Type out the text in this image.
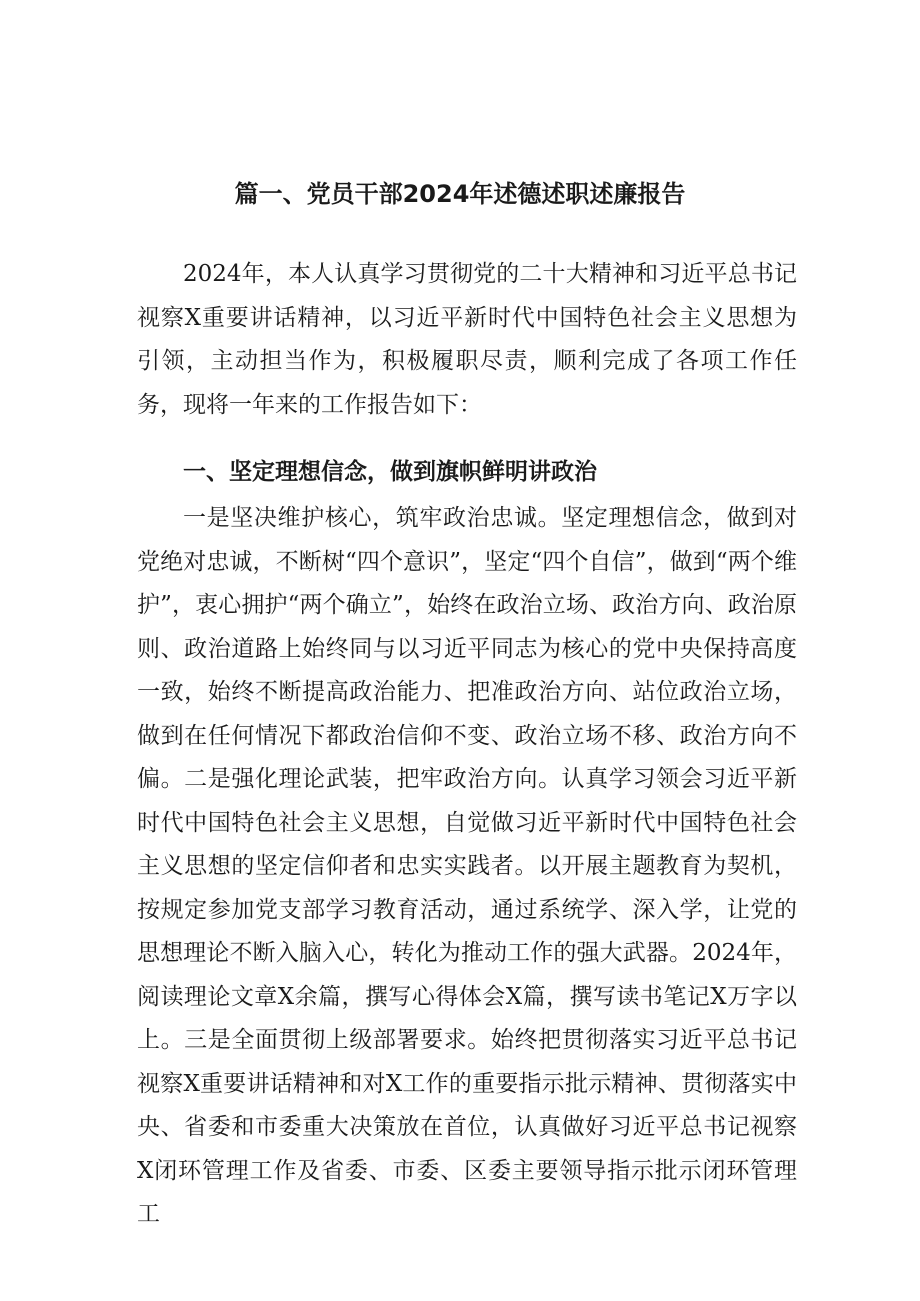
篇一、党员干部2024年述德述职述廉报告

2024年，本人认真学习贯彻党的二十大精神和习近平总书记视察X重要讲话精神，以习近平新时代中国特色社会主义思想为引领，主动担当作为，积极履职尽责，顺利完成了各项工作任务，现将一年来的工作报告如下：

一、坚定理想信念，做到旗帜鲜明讲政治

一是坚决维护核心，筑牢政治忠诚。坚定理想信念，做到对党绝对忠诚，不断树“四个意识”，坚定“四个自信”，做到“两个维护”，衷心拥护“两个确立”，始终在政治立场、政治方向、政治原则、政治道路上始终同与以习近平同志为核心的党中央保持高度一致，始终不断提高政治能力、把准政治方向、站位政治立场，做到在任何情况下都政治信仰不变、政治立场不移、政治方向不偏。二是强化理论武装，把牢政治方向。认真学习领会习近平新时代中国特色社会主义思想，自觉做习近平新时代中国特色社会主义思想的坚定信仰者和忠实实践者。以开展主题教育为契机，按规定参加党支部学习教育活动，通过系统学、深入学，让党的思想理论不断入脑入心，转化为推动工作的强大武器。2024年，阅读理论文章X余篇，撰写心得体会X篇，撰写读书笔记X万字以上。三是全面贯彻上级部署要求。始终把贯彻落实习近平总书记视察X重要讲话精神和对X工作的重要指示批示精神、贯彻落实中央、省委和市委重大决策放在首位，认真做好习近平总书记视察X闭环管理工作及省委、市委、区委主要领导指示批示闭环管理工
